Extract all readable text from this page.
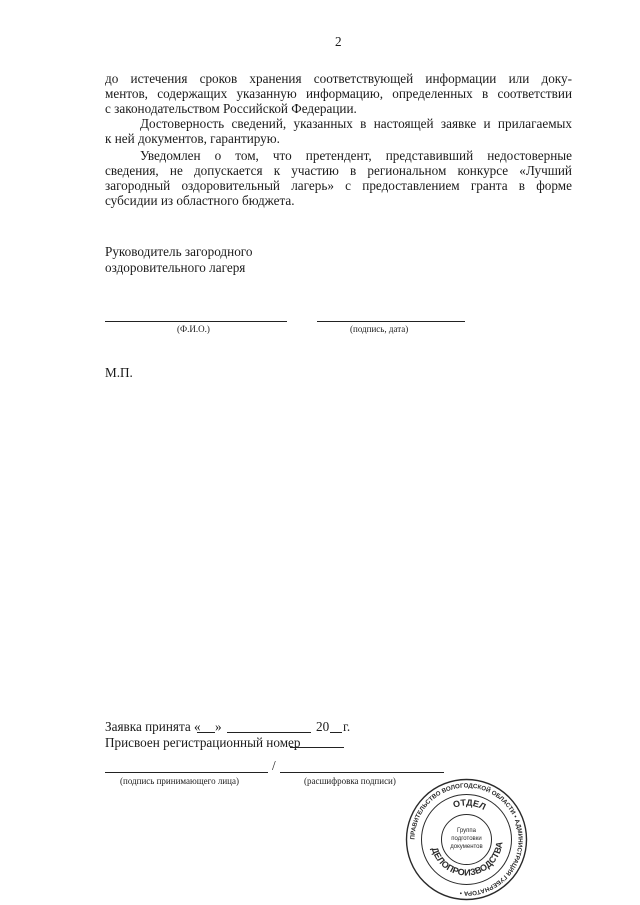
2
до истечения сроков хранения соответствующей информации или доку-
ментов, содержащих указанную информацию, определенных в соответствии
с законодательством Российской Федерации.
Достоверность сведений, указанных в настоящей заявке и прилагаемых
к ней документов, гарантирую.
Уведомлен о том, что претендент, представивший недостоверные
сведения, не допускается к участию в региональном конкурсе «Лучший
загородный оздоровительный лагерь» с предоставлением гранта в форме
субсидии из областного бюджета.
Руководитель загородного
оздоровительного лагеря
(Ф.И.О.)	(подпись, дата)
М.П.
Заявка принята « »	20 г.
Присвоен регистрационный номер
/
(подпись принимающего лица)	(расшифровка подписи)
ПРАВИТЕЛЬСТВО ВОЛОГОДСКОЙ ОБЛАСТИ • АДМИНИСТРАЦИЯ ГУБЕРНАТОРА •
ОТДЕЛ
ДЕЛОПРОИЗВОДСТВА
Группа
подготовки
документов
